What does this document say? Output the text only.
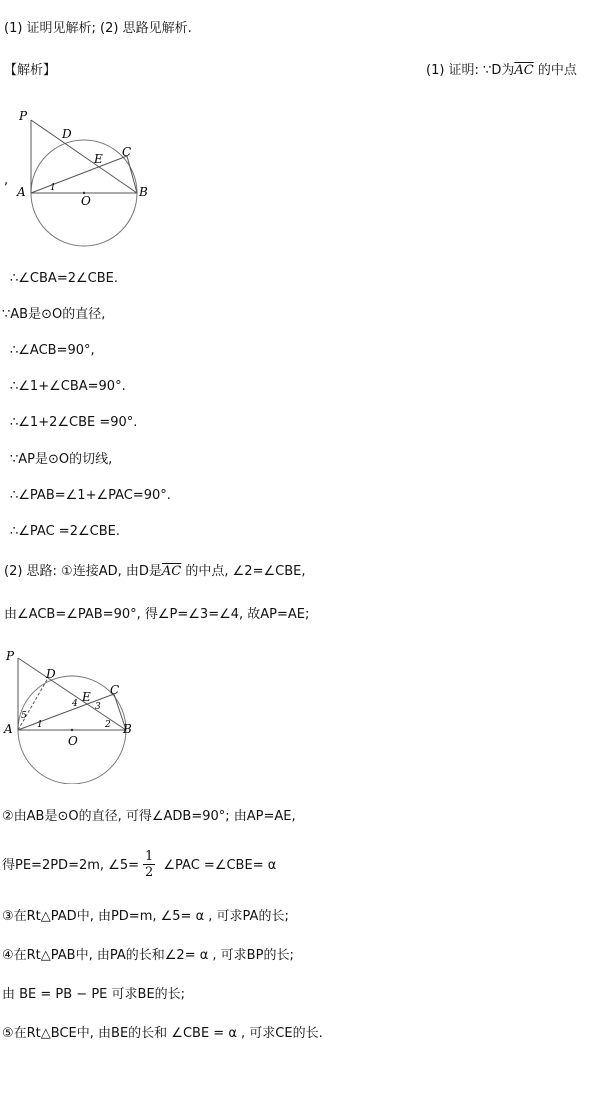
(1) 证明见解析; (2) 思路见解析.
【解析】	(1) 证明: ∵D为$\overline{AC}$ 的中点
,
P
D
C
E
A	B
O
1
∴∠CBA=2∠CBE.
∵AB是⊙O的直径,
∴∠ACB=90°,
∴∠1+∠CBA=90°.
∴∠1+2∠CBE =90°.
∵AP是⊙O的切线,
∴∠PAB=∠1+∠PAC=90°.
∴∠PAC =2∠CBE.
(2) 思路: ①连接AD, 由D是$\overline{AC}$ 的中点, ∠2=∠CBE,
由∠ACB=∠PAB=90°, 得∠P=∠3=∠4, 故AP=AE;
P
D
C
E
A	B
O
1	2
3
4
5
②由AB是⊙O的直径, 可得∠ADB=90°; 由AP=AE,
得PE=2PD=2m, ∠5= $\frac{1}{2}$ ∠PAC =∠CBE= α
③在Rt△PAD中, 由PD=m, ∠5= α , 可求PA的长;
④在Rt△PAB中, 由PA的长和∠2= α , 可求BP的长;
由 BE = PB − PE 可求BE的长;
⑤在Rt△BCE中, 由BE的长和 ∠CBE = α , 可求CE的长.
